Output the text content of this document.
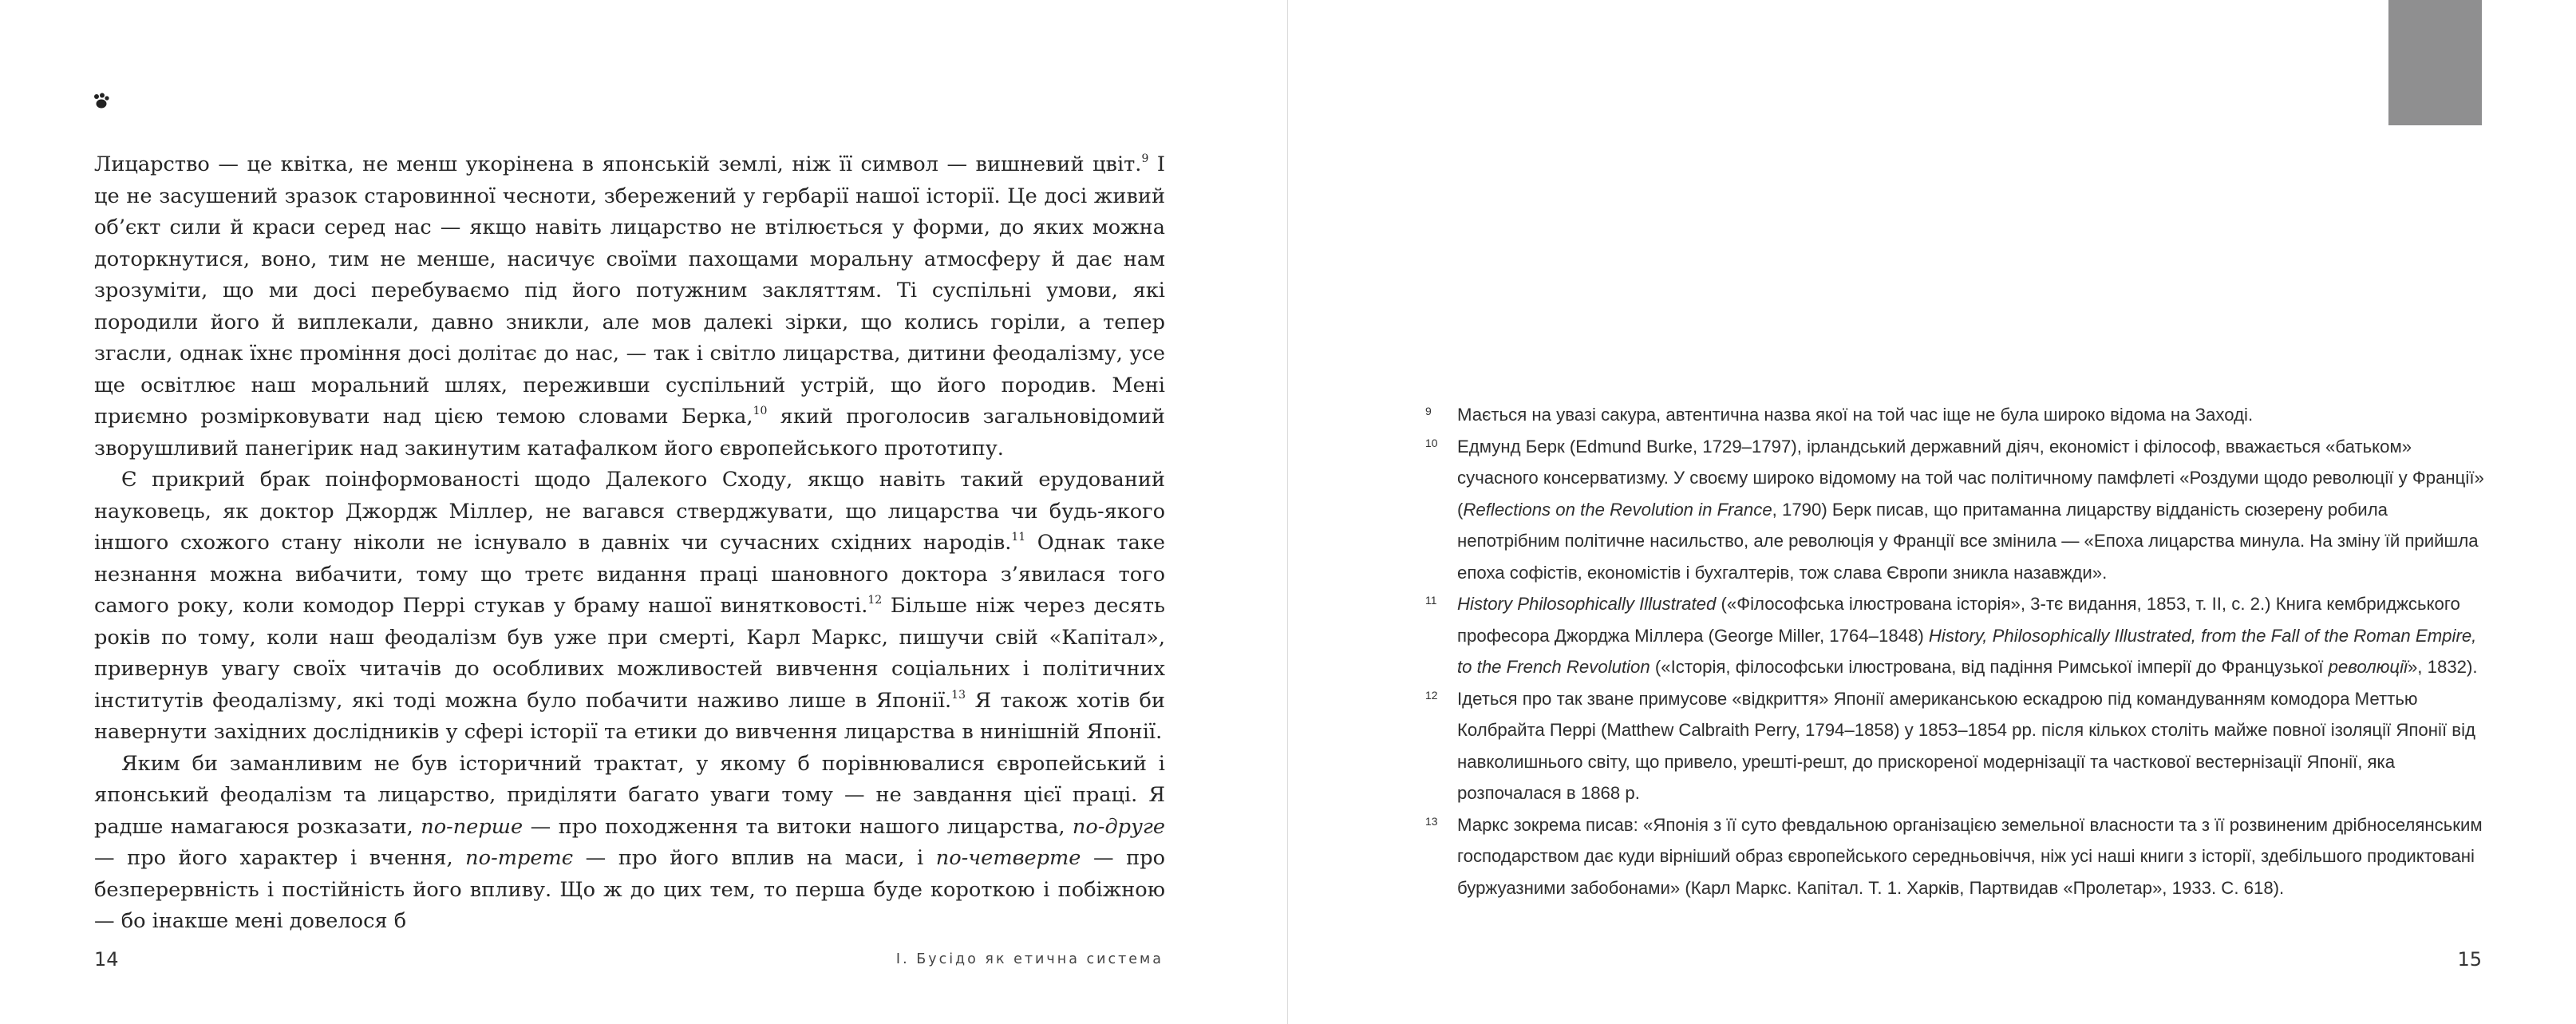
Лицарство — це квітка, не менш укорінена в японській землі, ніж її символ — вишневий цвіт.$^9$ І це не засушений зразок старовинної чесноти, збережений у гербарії нашої історії. Це досі живий об’єкт сили й краси серед нас — якщо навіть лицарство не втілюється у форми, до яких можна доторкнутися, воно, тим не менше, насичує своїми пахощами моральну атмосферу й дає нам зрозуміти, що ми досі перебуваємо під його потужним закляттям. Ті суспільні умови, які породили його й виплекали, давно зникли, але мов далекі зірки, що колись горіли, а тепер згасли, однак їхнє проміння досі долітає до нас, — так і світло лицарства, дитини феодалізму, усе ще освітлює наш моральний шлях, переживши суспільний устрій, що його породив. Мені приємно розмірковувати над цією темою словами Берка,$^{10}$ який проголосив загальновідомий зворушливий панегірик над закинутим катафалком його європейського прототипу.

Є прикрий брак поінформованості щодо Далекого Сходу, якщо навіть такий ерудований науковець, як доктор Джордж Міллер, не вагався стверджувати, що лицарства чи будь-якого іншого схожого стану ніколи не існувало в давніх чи сучасних східних народів.$^{11}$ Однак таке незнання можна вибачити, тому що третє видання праці шановного доктора з’явилася того самого року, коли комодор Перрі стукав у браму нашої винятковості.$^{12}$ Більше ніж через десять років по тому, коли наш феодалізм був уже при смерті, Карл Маркс, пишучи свій «Капітал», привернув увагу своїх читачів до особливих можливостей вивчення соціальних і політичних інститутів феодалізму, які тоді можна було побачити наживо лише в Японії.$^{13}$ Я також хотів би навернути західних дослідників у сфері історії та етики до вивчення лицарства в нинішній Японії.

Яким би заманливим не був історичний трактат, у якому б порівнювалися європейський і японський феодалізм та лицарство, приділяти багато уваги тому — не завдання цієї праці. Я радше намагаюся розказати, по-перше — про походження та витоки нашого лицарства, по-друге — про його характер і вчення, по-третє — про його вплив на маси, і по-четверте — про безперервність і постійність його впливу. Що ж до цих тем, то перша буде короткою і побіжною — бо інакше мені довелося б

14	I. Бусідо як етична система
9 Мається на увазі сакура, автентична назва якої на той час іще не була широко відома на Заході.
10 Едмунд Берк (Edmund Burke, 1729–1797), ірландський державний діяч, економіст і філософ, вважається «батьком» сучасного консерватизму. У своєму широко відомому на той час політичному памфлеті «Роздуми щодо революції у Франції» (Reflections on the Revolution in France, 1790) Берк писав, що притаманна лицарству відданість сюзерену робила непотрібним політичне насильство, але революція у Франції все змінила — «Епоха лицарства минула. На зміну їй прийшла епоха софістів, економістів і бухгалтерів, тож слава Європи зникла назавжди».
11 History Philosophically Illustrated («Філософська ілюстрована історія», 3-тє видання, 1853, т. II, с. 2.) Книга кембриджського професора Джорджа Міллера (George Miller, 1764–1848) History, Philosophically Illustrated, from the Fall of the Roman Empire, to the French Revolution («Історія, філософськи ілюстрована, від падіння Римської імперії до Французької революції», 1832).
12 Ідеться про так зване примусове «відкриття» Японії американською ескадрою під командуванням комодора Меттью Колбрайта Перрі (Matthew Calbraith Perry, 1794–1858) у 1853–1854 рр. після кількох століть майже повної ізоляції Японії від навколишнього світу, що привело, урешті-решт, до прискореної модернізації та часткової вестернізації Японії, яка розпочалася в 1868 р.
13 Маркс зокрема писав: «Японія з її суто февдальною організацією земельної власности та з її розвиненим дрібноселянським господарством дає куди вірніший образ європейського середньовіччя, ніж усі наші книги з історії, здебільшого продиктовані буржуазними забобонами» (Карл Маркс. Капітал. Т. 1. Харків, Партвидав «Пролетар», 1933. С. 618).
15
